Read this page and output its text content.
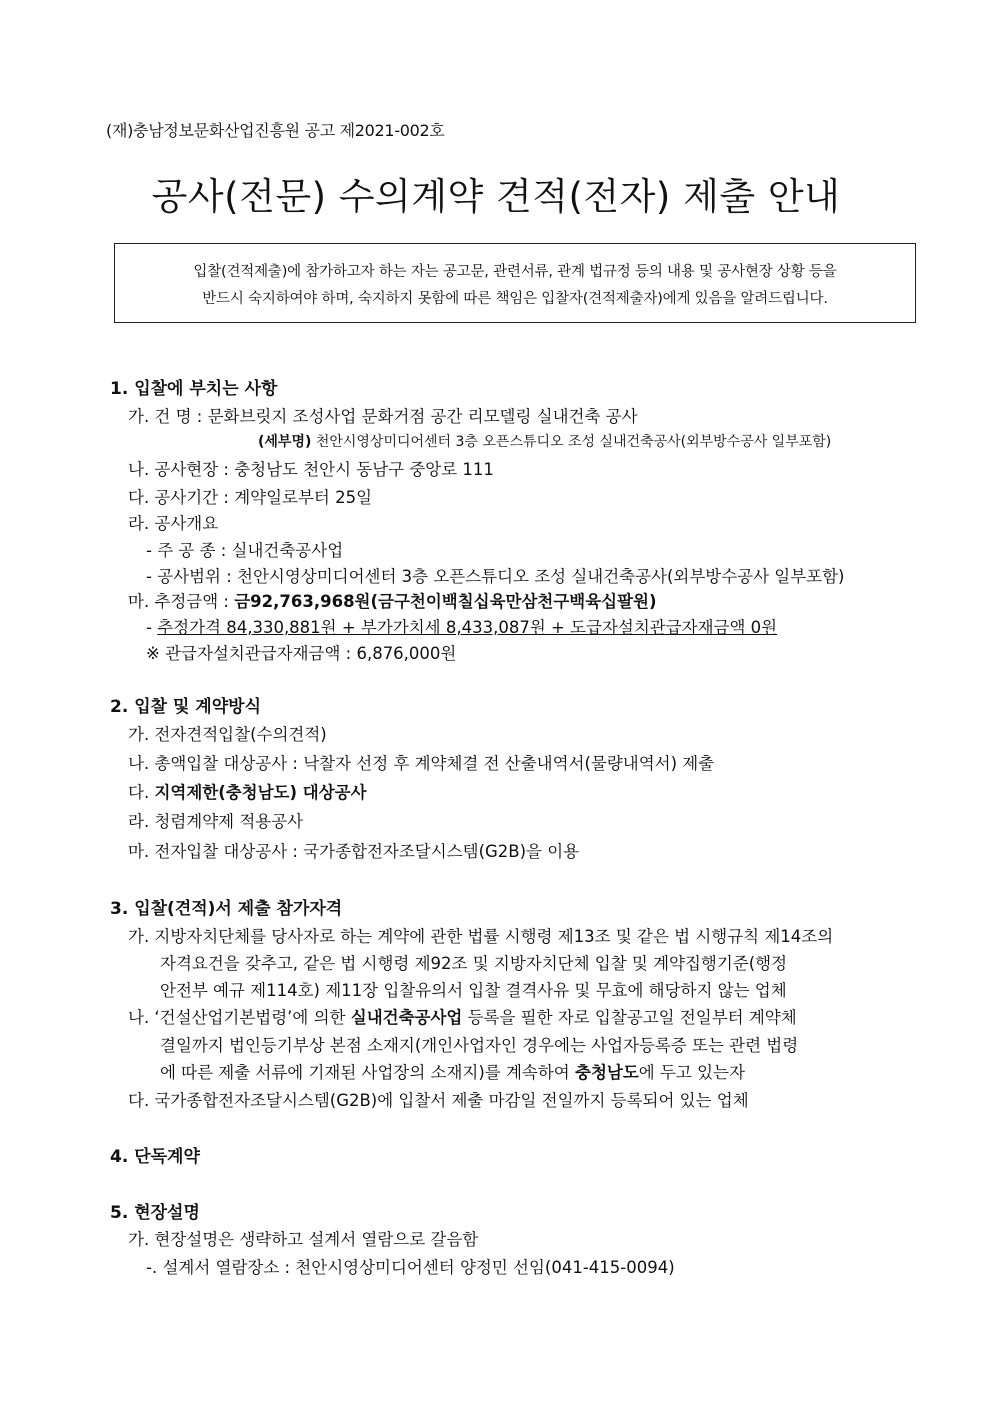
(재)충남정보문화산업진흥원 공고 제2021-002호
공사(전문) 수의계약 견적(전자) 제출 안내
입찰(견적제출)에 참가하고자 하는 자는 공고문, 관련서류, 관계 법규정 등의 내용 및 공사현장 상황 등을
반드시 숙지하여야 하며, 숙지하지 못함에 따른 책임은 입찰자(견적제출자)에게 있음을 알려드립니다.
1. 입찰에 부치는 사항
가. 건 명 : 문화브릿지 조성사업 문화거점 공간 리모델링 실내건축 공사
(세부명) 천안시영상미디어센터 3층 오픈스튜디오 조성 실내건축공사(외부방수공사 일부포함)
나. 공사현장 : 충청남도 천안시 동남구 중앙로 111
다. 공사기간 : 계약일로부터 25일
라. 공사개요
- 주 공 종 : 실내건축공사업
- 공사범위 : 천안시영상미디어센터 3층 오픈스튜디오 조성 실내건축공사(외부방수공사 일부포함)
마. 추정금액 : 금92,763,968원(금구천이백칠십육만삼천구백육십팔원)
- 추정가격 84,330,881원 + 부가가치세 8,433,087원 + 도급자설치관급자재금액 0원
※ 관급자설치관급자재금액 : 6,876,000원
2. 입찰 및 계약방식
가. 전자견적입찰(수의견적)
나. 총액입찰 대상공사 : 낙찰자 선정 후 계약체결 전 산출내역서(물량내역서) 제출
다. 지역제한(충청남도) 대상공사
라. 청렴계약제 적용공사
마. 전자입찰 대상공사 : 국가종합전자조달시스템(G2B)을 이용
3. 입찰(견적)서 제출 참가자격
가. 지방자치단체를 당사자로 하는 계약에 관한 법률 시행령 제13조 및 같은 법 시행규칙 제14조의
자격요건을 갖추고, 같은 법 시행령 제92조 및 지방자치단체 입찰 및 계약집행기준(행정
안전부 예규 제114호) 제11장 입찰유의서 입찰 결격사유 및 무효에 해당하지 않는 업체
나. ‘건설산업기본법령’에 의한 실내건축공사업 등록을 필한 자로 입찰공고일 전일부터 계약체
결일까지 법인등기부상 본점 소재지(개인사업자인 경우에는 사업자등록증 또는 관련 법령
에 따른 제출 서류에 기재된 사업장의 소재지)를 계속하여 충청남도에 두고 있는자
다. 국가종합전자조달시스템(G2B)에 입찰서 제출 마감일 전일까지 등록되어 있는 업체
4. 단독계약
5. 현장설명
가. 현장설명은 생략하고 설계서 열람으로 갈음함
-. 설계서 열람장소 : 천안시영상미디어센터 양정민 선임(041-415-0094)
